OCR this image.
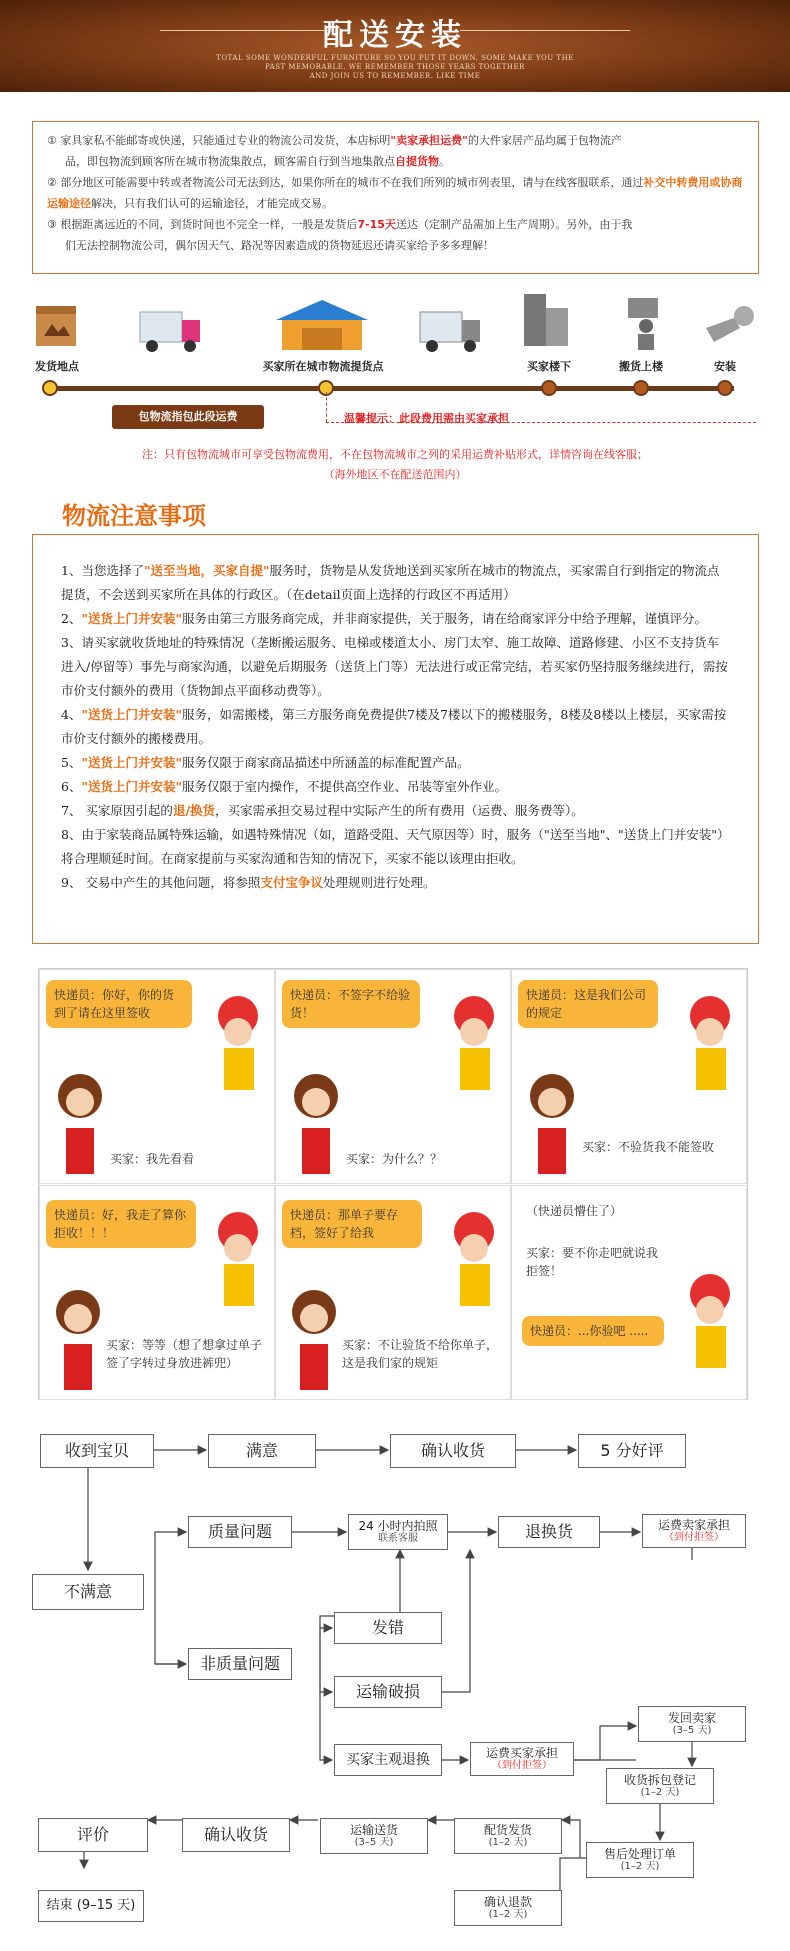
配送安装
TOTAL SOME WONDERFUL FURNITURE SO YOU PUT IT DOWN, SOME MAKE YOU THE
PAST MEMORABLE. WE REMEMBER THOSE YEARS TOGETHER
AND JOIN US TO REMEMBER. LIKE TIME
① 家具家私不能邮寄或快递，只能通过专业的物流公司发货，本店标明"卖家承担运费"的大件家居产品均属于包物流产
品，即包物流到顾客所在城市物流集散点，顾客需自行到当地集散点自提货物。
② 部分地区可能需要中转或者物流公司无法到达，如果你所在的城市不在我们所列的城市列表里，请与在线客服联系，通过补交中转费用或协商运输途径解决，只有我们认可的运输途径，才能完成交易。
③ 根据距离远近的不同，到货时间也不完全一样，一般是发货后7-15天送达（定制产品需加上生产周期）。另外，由于我
们无法控制物流公司，偶尔因天气、路况等因素造成的货物延迟还请买家给予多多理解！
发货地点	买家所在城市物流提货点	买家楼下	搬货上楼	安装
包物流指包此段运费	温馨提示：此段费用需由买家承担
注：只有包物流城市可享受包物流费用，不在包物流城市之列的采用运费补贴形式，详情咨询在线客服；
（海外地区不在配送范围内）
物流注意事项

1、当您选择了"送至当地，买家自提"服务时，货物是从发货地送到买家所在城市的物流点，买家需自行到指定的物流点提货，不会送到买家所在具体的行政区。（在detail页面上选择的行政区不再适用）

2、"送货上门并安装"服务由第三方服务商完成，并非商家提供，关于服务，请在给商家评分中给予理解，谨慎评分。

3、请买家就收货地址的特殊情况（垄断搬运服务、电梯或楼道太小、房门太窄、施工故障、道路修建、小区不支持货车进入/停留等）事先与商家沟通，以避免后期服务（送货上门等）无法进行或正常完结，若买家仍坚持服务继续进行，需按市价支付额外的费用（货物卸点平面移动费等）。

4、"送货上门并安装"服务，如需搬楼，第三方服务商免费提供7楼及7楼以下的搬楼服务，8楼及8楼以上楼层，买家需按市价支付额外的搬楼费用。

5、"送货上门并安装"服务仅限于商家商品描述中所涵盖的标准配置产品。

6、"送货上门并安装"服务仅限于室内操作，不提供高空作业、吊装等室外作业。

7、 买家原因引起的退/换货，买家需承担交易过程中实际产生的所有费用（运费、服务费等）。

8、由于家装商品属特殊运输，如遇特殊情况（如，道路受阻、天气原因等）时，服务（"送至当地"、"送货上门并安装"）将合理顺延时间。在商家提前与买家沟通和告知的情况下，买家不能以该理由拒收。

9、 交易中产生的其他问题，将参照支付宝争议处理规则进行处理。

快递员：你好，你的货到了请在这里签收
买家：我先看看
快递员：不签字不给验货！
买家：为什么？？
快递员：这是我们公司的规定
买家：不验货我不能签收
快递员：好，我走了算你拒收！！！
买家：等等（想了想拿过单子签了字转过身放进裤兜）
快递员：那单子要存档，签好了给我
买家：不让验货不给你单子，这是我们家的规矩
（快递员懵住了）
买家：要不你走吧就说我拒签！
快递员：...你验吧 .....
收到宝贝	满意	确认收货	5 分好评
不满意
质量问题
非质量问题
24 小时内拍照
联系客服	退换货	运费卖家承担
（到付拒签）
发错
运输破损
买家主观退换	运费买家承担
（到付拒签）
发回卖家
(3–5 天)
收货拆包登记
(1–2 天)
售后处理订单
(1–2 天)
确认退款
(1–2 天)
配货发货
(1–2 天)
运输送货
(3–5 天)
确认收货
评价
结束 (9–15 天)
